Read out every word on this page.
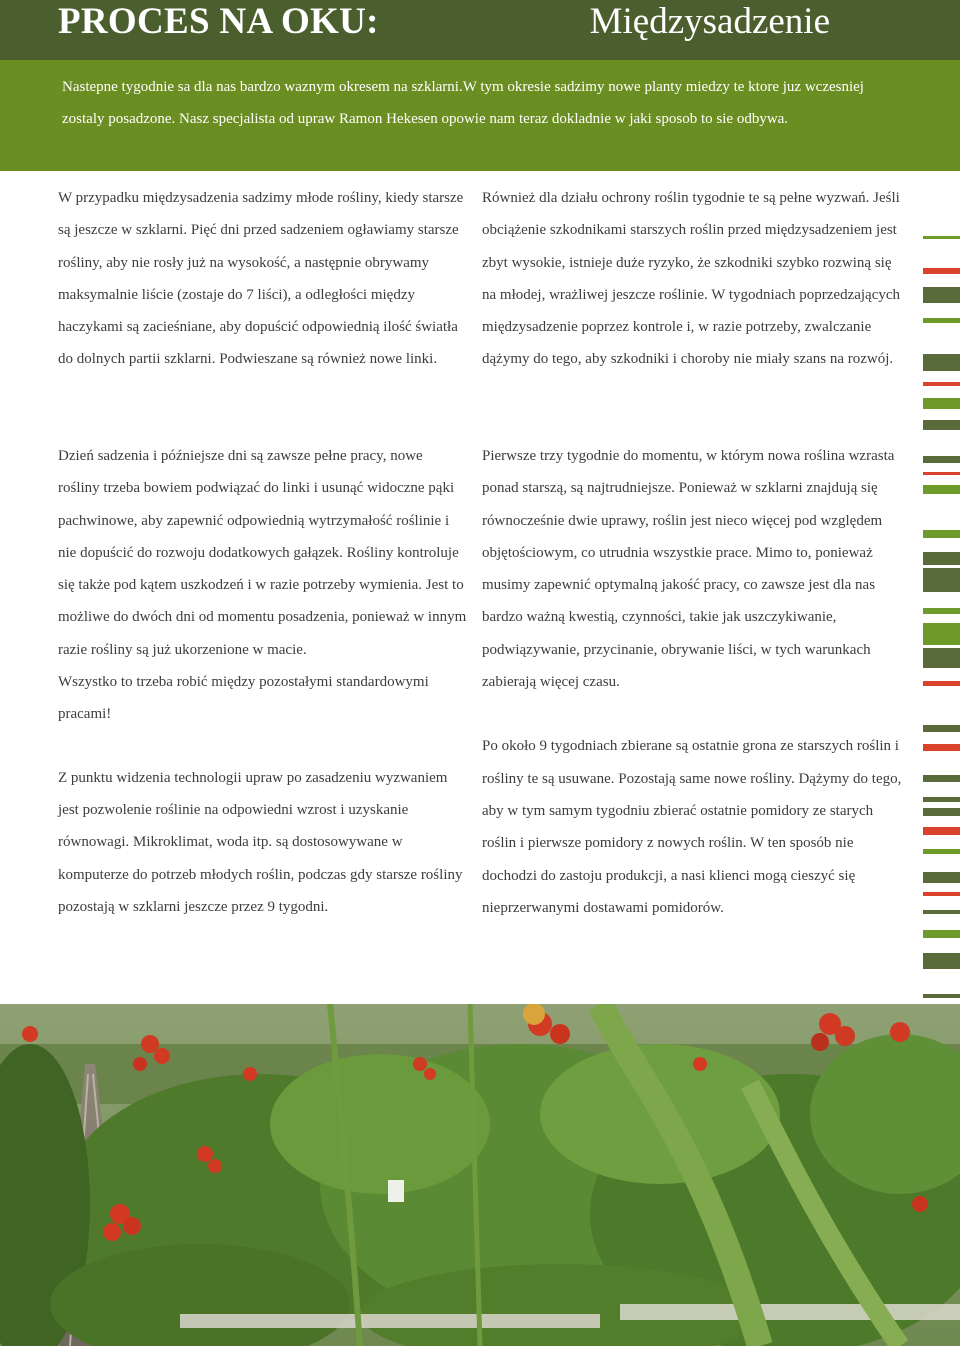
PROCES NA OKU:	Międzysadzenie

Nastepne tygodnie sa dla nas bardzo waznym okresem na szklarni.W tym okresie sadzimy nowe planty miedzy te ktore juz wczesniej zostaly posadzone. Nasz specjalista od upraw Ramon Hekesen opowie nam teraz dokladnie w jaki sposob to sie odbywa.

W przypadku międzysadzenia sadzimy młode rośliny, kiedy starsze są jeszcze w szklarni. Pięć dni przed sadzeniem ogławiamy starsze rośliny, aby nie rosły już na wysokość, a następnie obrywamy maksymalnie liście (zostaje do 7 liści), a odległości między haczykami są zacieśniane, aby dopuścić odpowiednią ilość światła do dolnych partii szklarni. Podwieszane są również nowe linki.

Również dla działu ochrony roślin tygodnie te są pełne wyzwań. Jeśli obciążenie szkodnikami starszych roślin przed międzysadzeniem jest zbyt wysokie, istnieje duże ryzyko, że szkodniki szybko rozwiną się na młodej, wrażliwej jeszcze roślinie. W tygodniach poprzedzających międzysadzenie poprzez kontrole i, w razie potrzeby, zwalczanie dążymy do tego, aby szkodniki i choroby nie miały szans na rozwój.

Dzień sadzenia i późniejsze dni są zawsze pełne pracy, nowe rośliny trzeba bowiem podwiązać do linki i usunąć widoczne pąki pachwinowe, aby zapewnić odpowiednią wytrzymałość roślinie i nie dopuścić do rozwoju dodatkowych gałązek. Rośliny kontroluje się także pod kątem uszkodzeń i w razie potrzeby wymienia. Jest to możliwe do dwóch dni od momentu posadzenia, ponieważ w innym razie rośliny są już ukorzenione w macie.

Wszystko to trzeba robić między pozostałymi standardowymi pracami!

Z punktu widzenia technologii upraw po zasadzeniu wyzwaniem jest pozwolenie roślinie na odpowiedni wzrost i uzyskanie równowagi. Mikroklimat, woda itp. są dostosowywane w komputerze do potrzeb młodych roślin, podczas gdy starsze rośliny pozostają w szklarni jeszcze przez 9 tygodni.

Pierwsze trzy tygodnie do momentu, w którym nowa roślina wzrasta ponad starszą, są najtrudniejsze. Ponieważ w szklarni znajdują się równocześnie dwie uprawy, roślin jest nieco więcej pod względem objętościowym, co utrudnia wszystkie prace. Mimo to, ponieważ musimy zapewnić optymalną jakość pracy, co zawsze jest dla nas bardzo ważną kwestią, czynności, takie jak uszczykiwanie, podwiązywanie, przycinanie, obrywanie liści, w tych warunkach zabierają więcej czasu.

Po około 9 tygodniach zbierane są ostatnie grona ze starszych roślin i rośliny te są usuwane. Pozostają same nowe rośliny. Dążymy do tego, aby w tym samym tygodniu zbierać ostatnie pomidory ze starych roślin i pierwsze pomidory z nowych roślin. W ten sposób nie dochodzi do zastoju produkcji, a nasi klienci mogą cieszyć się nieprzerwanymi dostawami pomidorów.
